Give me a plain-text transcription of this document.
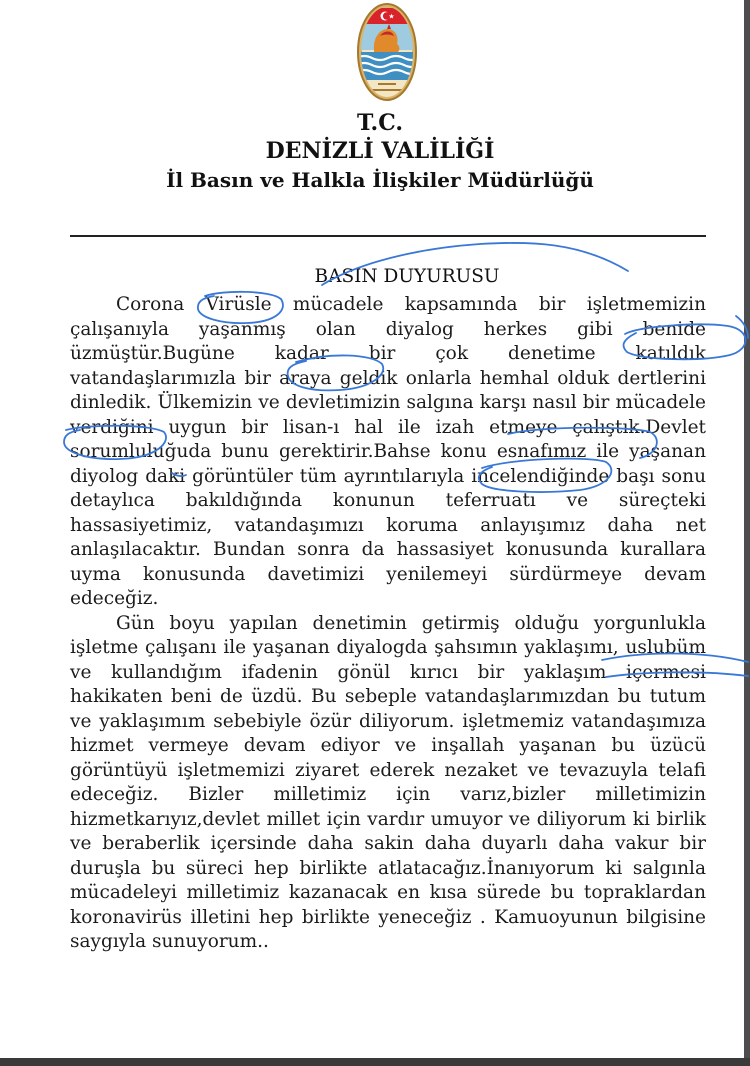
T.C.
DENİZLİ VALİLİĞİ
İl Basın ve Halkla İlişkiler Müdürlüğü
BASIN DUYURUSU

Corona Virüsle mücadele kapsamında bir işletmemizin çalışanıyla yaşanmış olan diyalog herkes gibi benide üzmüştür.Bugüne kadar bir çok denetime katıldık vatandaşlarımızla bir araya geldik onlarla hemhal olduk dertlerini dinledik. Ülkemizin ve devletimizin salgına karşı nasıl bir mücadele verdiğini uygun bir lisan-ı hal ile izah etmeye çalıştık.Devlet sorumluluğuda bunu gerektirir.Bahse konu esnafımız ile yaşanan diyolog daki görüntüler tüm ayrıntılarıyla incelendiğinde başı sonu detaylıca bakıldığında konunun teferruatı ve süreçteki hassasiyetimiz, vatandaşımızı koruma anlayışımız daha net anlaşılacaktır. Bundan sonra da hassasiyet konusunda kurallara uyma konusunda davetimizi yenilemeyi sürdürmeye devam edeceğiz.

Gün boyu yapılan denetimin getirmiş olduğu yorgunlukla işletme çalışanı ile yaşanan diyalogda şahsımın yaklaşımı, uslubüm ve kullandığım ifadenin gönül kırıcı bir yaklaşım içermesi hakikaten beni de üzdü. Bu sebeple vatandaşlarımızdan bu tutum ve yaklaşımım sebebiyle özür diliyorum. işletmemiz vatandaşımıza hizmet vermeye devam ediyor ve inşallah yaşanan bu üzücü görüntüyü işletmemizi ziyaret ederek nezaket ve tevazuyla telafi edeceğiz. Bizler milletimiz için varız,bizler milletimizin hizmetkarıyız,devlet millet için vardır umuyor ve diliyorum ki birlik ve beraberlik içersinde daha sakin daha duyarlı daha vakur bir duruşla bu süreci hep birlikte atlatacağız.İnanıyorum ki salgınla mücadeleyi milletimiz kazanacak en kısa sürede bu topraklardan koronavirüs illetini hep birlikte yeneceğiz . Kamuoyunun bilgisine saygıyla sunuyorum..
